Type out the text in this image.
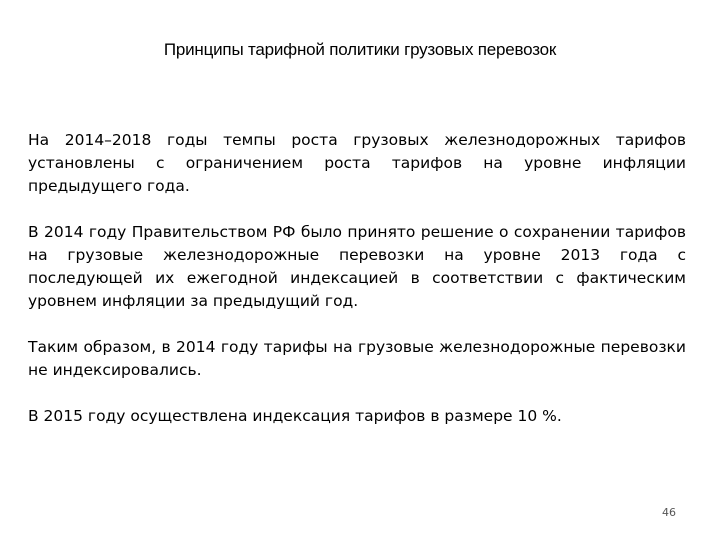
Принципы тарифной политики грузовых перевозок

На 2014–2018 годы темпы роста грузовых железнодорожных тарифов установлены с ограничением роста тарифов на уровне инфляции предыдущего года.

В 2014 году Правительством РФ было принято решение о сохранении тарифов на грузовые железнодорожные перевозки на уровне 2013 года с последующей их ежегодной индексацией в соответствии с фактическим уровнем инфляции за предыдущий год.

Таким образом, в 2014 году тарифы на грузовые железнодорожные перевозки не индексировались.

В 2015 году осуществлена индексация тарифов в размере 10 %.

46
